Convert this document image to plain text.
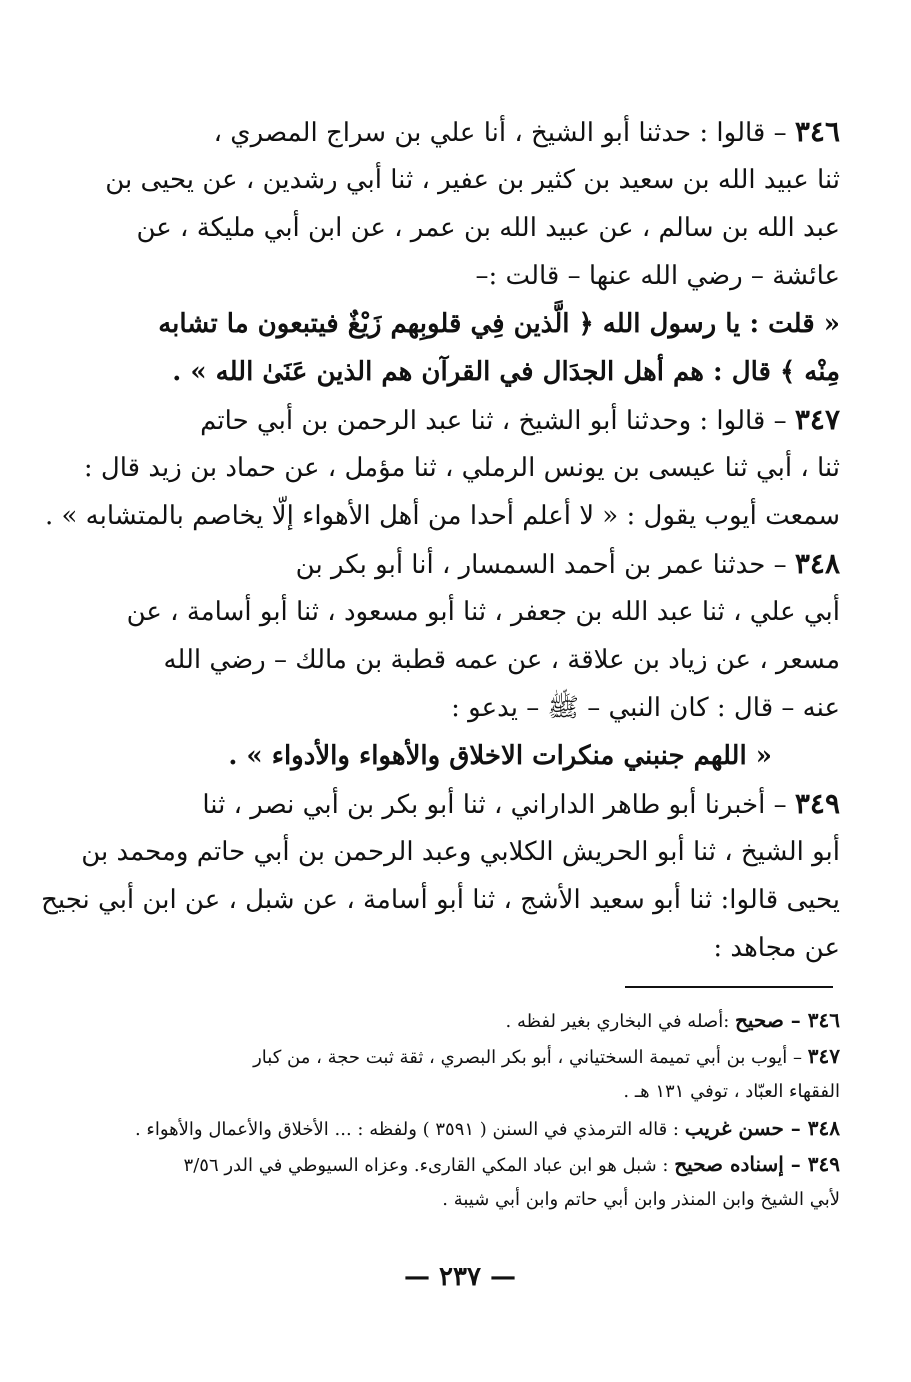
٣٤٦ – قالوا : حدثنا أبو الشيخ ، أنا علي بن سراج المصري ،
ثنا عبيد الله بن سعيد بن كثير بن عفير ، ثنا أبي رشدين ، عن يحيى بن
عبد الله بن سالم ، عن عبيد الله بن عمر ، عن ابن أبي مليكة ، عن
عائشة – رضي الله عنها – قالت :–
« قلت : يا رسول الله ﴿ الَّذين فِي قلوبِهم زَيْغٌ فيتبعون ما تشابه
مِنْه ﴾ قال : هم أهل الجدَال في القرآن هم الذين عَنَىٰ الله » .
٣٤٧ – قالوا : وحدثنا أبو الشيخ ، ثنا عبد الرحمن بن أبي حاتم
ثنا ، أبي ثنا عيسى بن يونس الرملي ، ثنا مؤمل ، عن حماد بن زيد قال :
سمعت أيوب يقول : « لا أعلم أحدا من أهل الأهواء إلّا يخاصم بالمتشابه » .
٣٤٨ – حدثنا عمر بن أحمد السمسار ، أنا أبو بكر بن
أبي علي ، ثنا عبد الله بن جعفر ، ثنا أبو مسعود ، ثنا أبو أسامة ، عن
مسعر ، عن زياد بن علاقة ، عن عمه قطبة بن مالك – رضي الله
عنه – قال : كان النبي – ﷺ – يدعو :
« اللهم جنبني منكرات الاخلاق والأهواء والأدواء » .
٣٤٩ – أخبرنا أبو طاهر الداراني ، ثنا أبو بكر بن أبي نصر ، ثنا
أبو الشيخ ، ثنا أبو الحريش الكلابي وعبد الرحمن بن أبي حاتم ومحمد بن
يحيى قالوا: ثنا أبو سعيد الأشج ، ثنا أبو أسامة ، عن شبل ، عن ابن أبي نجيح
عن مجاهد :
٣٤٦ – صحيح :أصله في البخاري بغير لفظه .
٣٤٧ – أيوب بن أبي تميمة السختياني ، أبو بكر البصري ، ثقة ثبت حجة ، من كبار
الفقهاء العبّاد ، توفي ١٣١ هـ .
٣٤٨ – حسن غريب : قاله الترمذي في السنن ( ٣٥٩١ ) ولفظه : ... الأخلاق والأعمال والأهواء .
٣٤٩ – إسناده صحيح : شبل هو ابن عباد المكي القارىء. وعزاه السيوطي في الدر ٣/٥٦
لأبي الشيخ وابن المنذر وابن أبي حاتم وابن أبي شيبة .
— ٢٣٧ —
